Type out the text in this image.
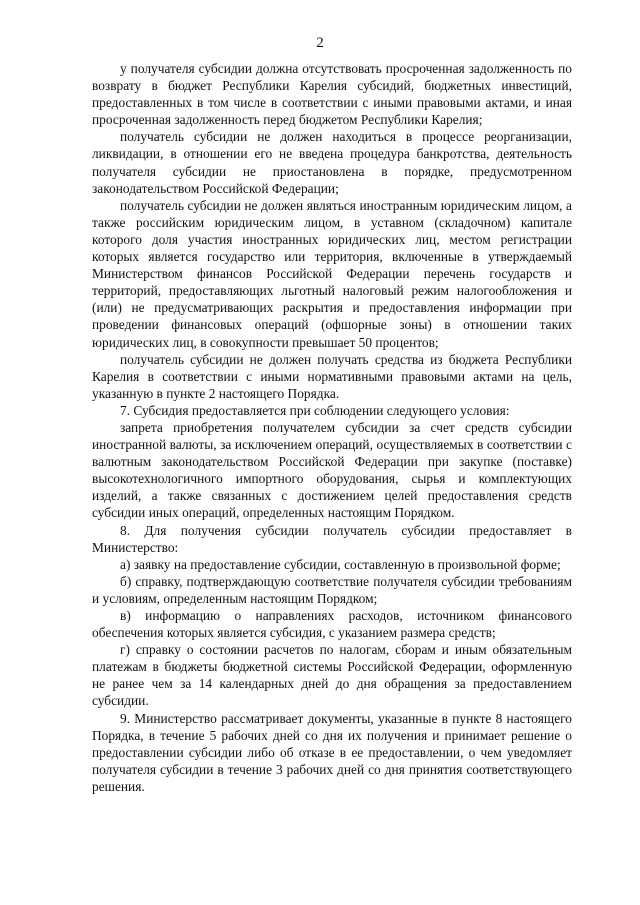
2

у получателя субсидии должна отсутствовать просроченная задолженность по возврату в бюджет Республики Карелия субсидий, бюджетных инвестиций, предоставленных в том числе в соответствии с иными правовыми актами, и иная просроченная задолженность перед бюджетом Республики Карелия;

получатель субсидии не должен находиться в процессе реорганизации, ликвидации, в отношении его не введена процедура банкротства, деятельность получателя субсидии не приостановлена в порядке, предусмотренном законодательством Российской Федерации;

получатель субсидии не должен являться иностранным юридическим лицом, а также российским юридическим лицом, в уставном (складочном) капитале которого доля участия иностранных юридических лиц, местом регистрации которых является государство или территория, включенные в утверждаемый Министерством финансов Российской Федерации перечень государств и территорий, предоставляющих льготный налоговый режим налогообложения и (или) не предусматривающих раскрытия и предоставления информации при проведении финансовых операций (офшорные зоны) в отношении таких юридических лиц, в совокупности превышает 50 процентов;

получатель субсидии не должен получать средства из бюджета Республики Карелия в соответствии с иными нормативными правовыми актами на цель, указанную в пункте 2 настоящего Порядка.

7. Субсидия предоставляется при соблюдении следующего условия:

запрета приобретения получателем субсидии за счет средств субсидии иностранной валюты, за исключением операций, осуществляемых в соответствии с валютным законодательством Российской Федерации при закупке (поставке) высокотехнологичного импортного оборудования, сырья и комплектующих изделий, а также связанных с достижением целей предоставления средств субсидии иных операций, определенных настоящим Порядком.

8. Для получения субсидии получатель субсидии предоставляет в Министерство:

а) заявку на предоставление субсидии, составленную в произвольной форме;

б) справку, подтверждающую соответствие получателя субсидии требованиям и условиям, определенным настоящим Порядком;

в) информацию о направлениях расходов, источником финансового обеспечения которых является субсидия, с указанием размера средств;

г) справку о состоянии расчетов по налогам, сборам и иным обязательным платежам в бюджеты бюджетной системы Российской Федерации, оформленную не ранее чем за 14 календарных дней до дня обращения за предоставлением субсидии.

9. Министерство рассматривает документы, указанные в пункте 8 настоящего Порядка, в течение 5 рабочих дней со дня их получения и принимает решение о предоставлении субсидии либо об отказе в ее предоставлении, о чем уведомляет получателя субсидии в течение 3 рабочих дней со дня принятия соответствующего решения.
